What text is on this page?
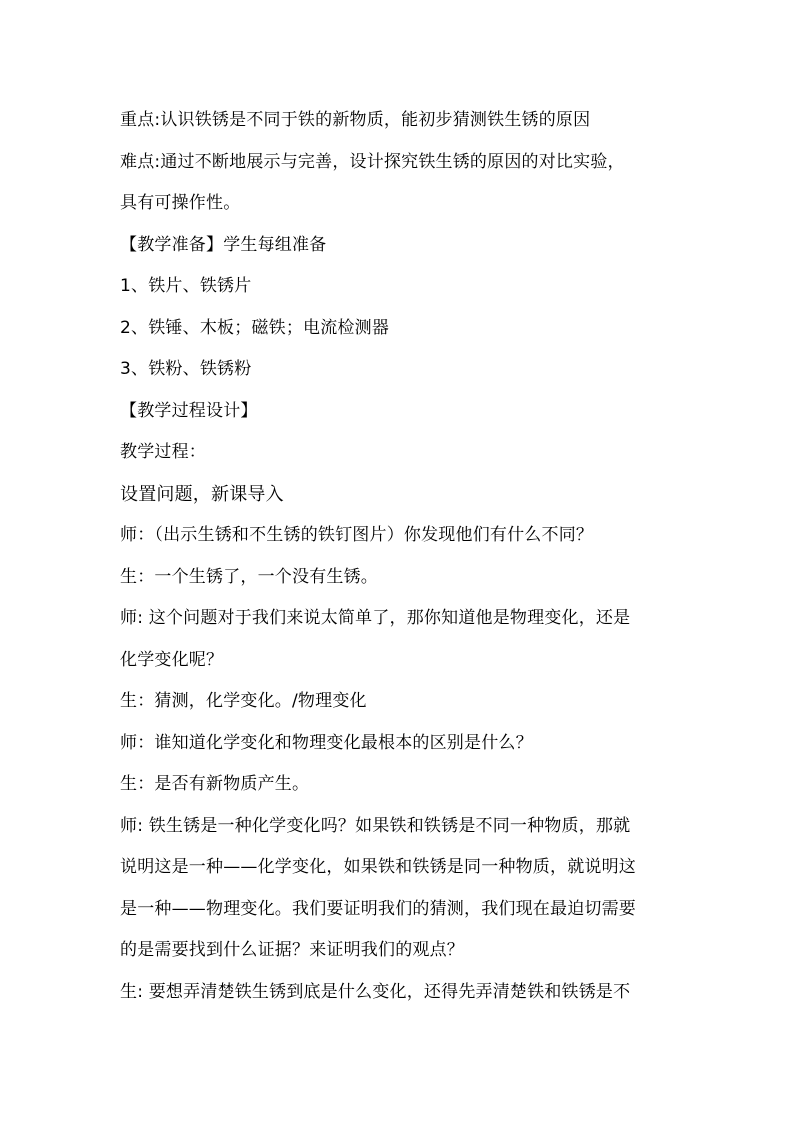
重点:认识铁锈是不同于铁的新物质，能初步猜测铁生锈的原因
难点:通过不断地展示与完善，设计探究铁生锈的原因的对比实验，
具有可操作性。
【教学准备】学生每组准备
1、铁片、铁锈片
2、铁锤、木板；磁铁；电流检测器
3、铁粉、铁锈粉
【教学过程设计】
教学过程：
设置问题，新课导入
师：（出示生锈和不生锈的铁钉图片）你发现他们有什么不同？
生：一个生锈了，一个没有生锈。
师: 这个问题对于我们来说太简单了，那你知道他是物理变化，还是
化学变化呢？
生：猜测，化学变化。/物理变化
师：谁知道化学变化和物理变化最根本的区别是什么？
生：是否有新物质产生。
师: 铁生锈是一种化学变化吗？如果铁和铁锈是不同一种物质，那就
说明这是一种——化学变化，如果铁和铁锈是同一种物质，就说明这
是一种——物理变化。我们要证明我们的猜测，我们现在最迫切需要
的是需要找到什么证据？来证明我们的观点？
生: 要想弄清楚铁生锈到底是什么变化，还得先弄清楚铁和铁锈是不
